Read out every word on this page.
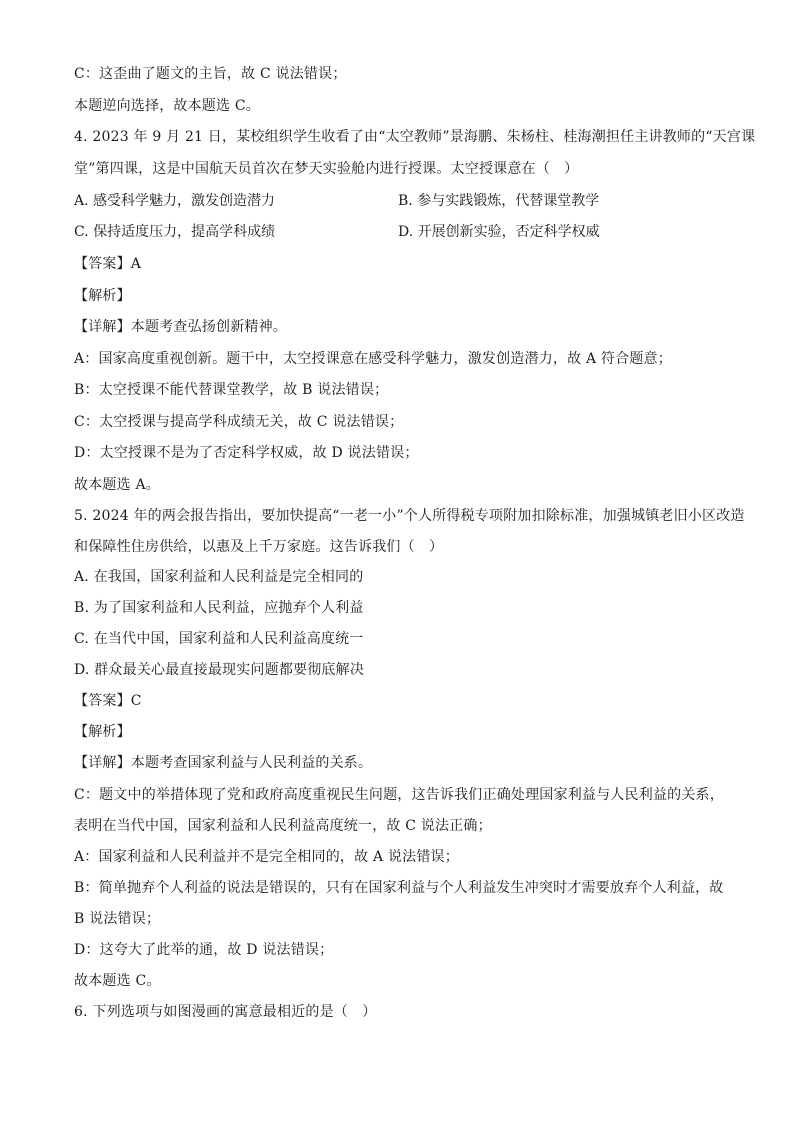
C：这歪曲了题文的主旨，故 C 说法错误；
本题逆向选择，故本题选 C。
4. 2023 年 9 月 21 日，某校组织学生收看了由“太空教师”景海鹏、朱杨柱、桂海潮担任主讲教师的“天宫课
堂”第四课，这是中国航天员首次在梦天实验舱内进行授课。太空授课意在（　）
A. 感受科学魅力，激发创造潜力	B. 参与实践锻炼，代替课堂教学
C. 保持适度压力，提高学科成绩	D. 开展创新实验，否定科学权威
【答案】A
【解析】
【详解】本题考查弘扬创新精神。
A：国家高度重视创新。题干中，太空授课意在感受科学魅力，激发创造潜力，故 A 符合题意；
B：太空授课不能代替课堂教学，故 B 说法错误；
C：太空授课与提高学科成绩无关，故 C 说法错误；
D：太空授课不是为了否定科学权威，故 D 说法错误；
故本题选 A。
5. 2024 年的两会报告指出，要加快提高“一老一小”个人所得税专项附加扣除标准，加强城镇老旧小区改造
和保障性住房供给，以惠及上千万家庭。这告诉我们（　）
A. 在我国，国家利益和人民利益是完全相同的
B. 为了国家利益和人民利益，应抛弃个人利益
C. 在当代中国，国家利益和人民利益高度统一
D. 群众最关心最直接最现实问题都要彻底解决
【答案】C
【解析】
【详解】本题考查国家利益与人民利益的关系。
C：题文中的举措体现了党和政府高度重视民生问题，这告诉我们正确处理国家利益与人民利益的关系，
表明在当代中国，国家利益和人民利益高度统一，故 C 说法正确；
A：国家利益和人民利益并不是完全相同的，故 A 说法错误；
B：简单抛弃个人利益的说法是错误的，只有在国家利益与个人利益发生冲突时才需要放弃个人利益，故
B 说法错误；
D：这夸大了此举的通，故 D 说法错误；
故本题选 C。
6. 下列选项与如图漫画的寓意最相近的是（　）
